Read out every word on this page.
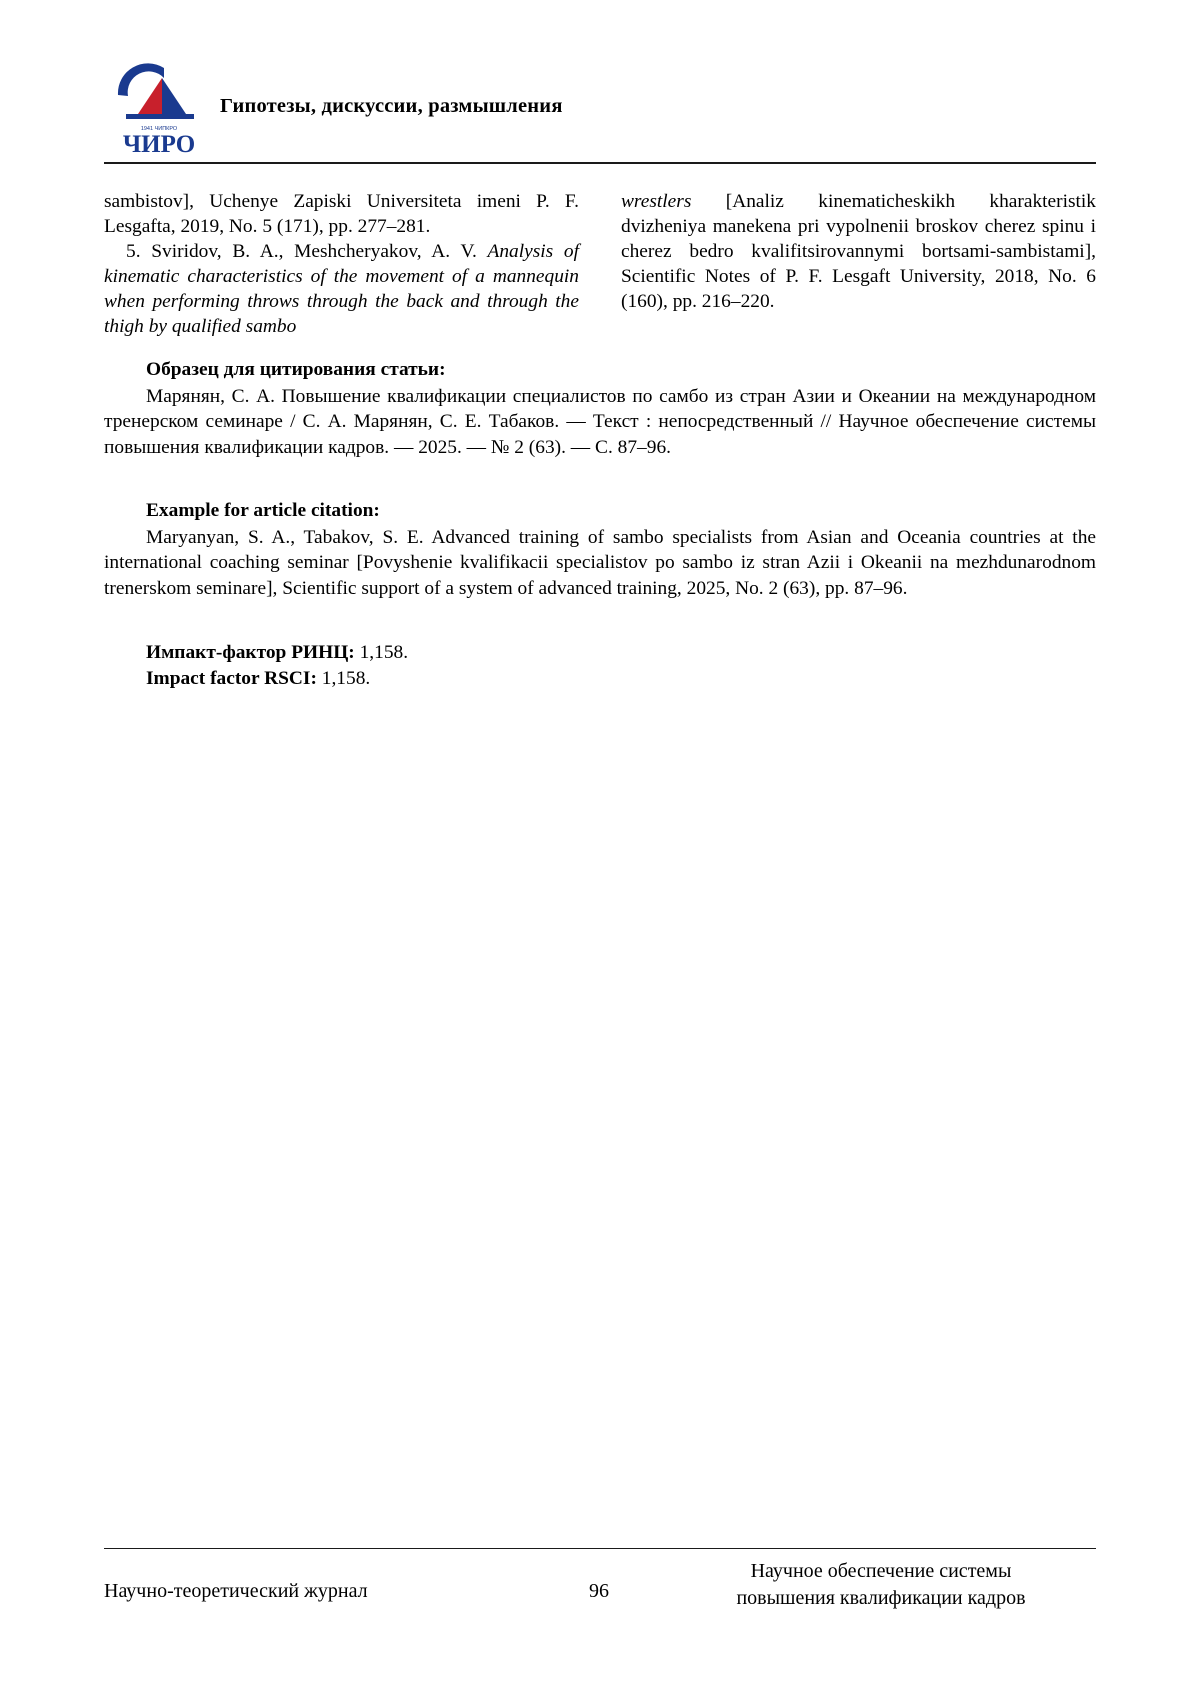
1941 ЧИПКРО
ЧИРО
Гипотезы, дискуссии, размышления

sambistov], Uchenye Zapiski Universiteta imeni P. F. Lesgafta, 2019, No. 5 (171), pp. 277–281.

5. Sviridov, B. A., Meshcheryakov, A. V. Analysis of kinematic characteristics of the movement of a mannequin when performing throws through the back and through the thigh by qualified sambo

wrestlers [Analiz kinematicheskikh kharakteristik dvizheniya manekena pri vypolnenii broskov cherez spinu i cherez bedro kvalifitsirovannymi bortsami-sambistami], Scientific Notes of P. F. Lesgaft University, 2018, No. 6 (160), pp. 216–220.

Образец для цитирования статьи:

Марянян, С. А. Повышение квалификации специалистов по самбо из стран Азии и Океании на международном тренерском семинаре / С. А. Марянян, С. Е. Табаков. — Текст : непосредственный // Научное обеспечение системы повышения квалификации кадров. — 2025. — № 2 (63). — С. 87–96.

Example for article citation:

Maryanyan, S. A., Tabakov, S. E. Advanced training of sambo specialists from Asian and Oceania countries at the international coaching seminar [Povyshenie kvalifikacii specialistov po sambo iz stran Azii i Okeanii na mezhdunarodnom trenerskom seminare], Scientific support of a system of advanced training, 2025, No. 2 (63), pp. 87–96.

Импакт-фактор РИНЦ: 1,158.

Impact factor RSCI: 1,158.

Научно-теоретический журнал	96
Научное обеспечение системы
повышения квалификации кадров
